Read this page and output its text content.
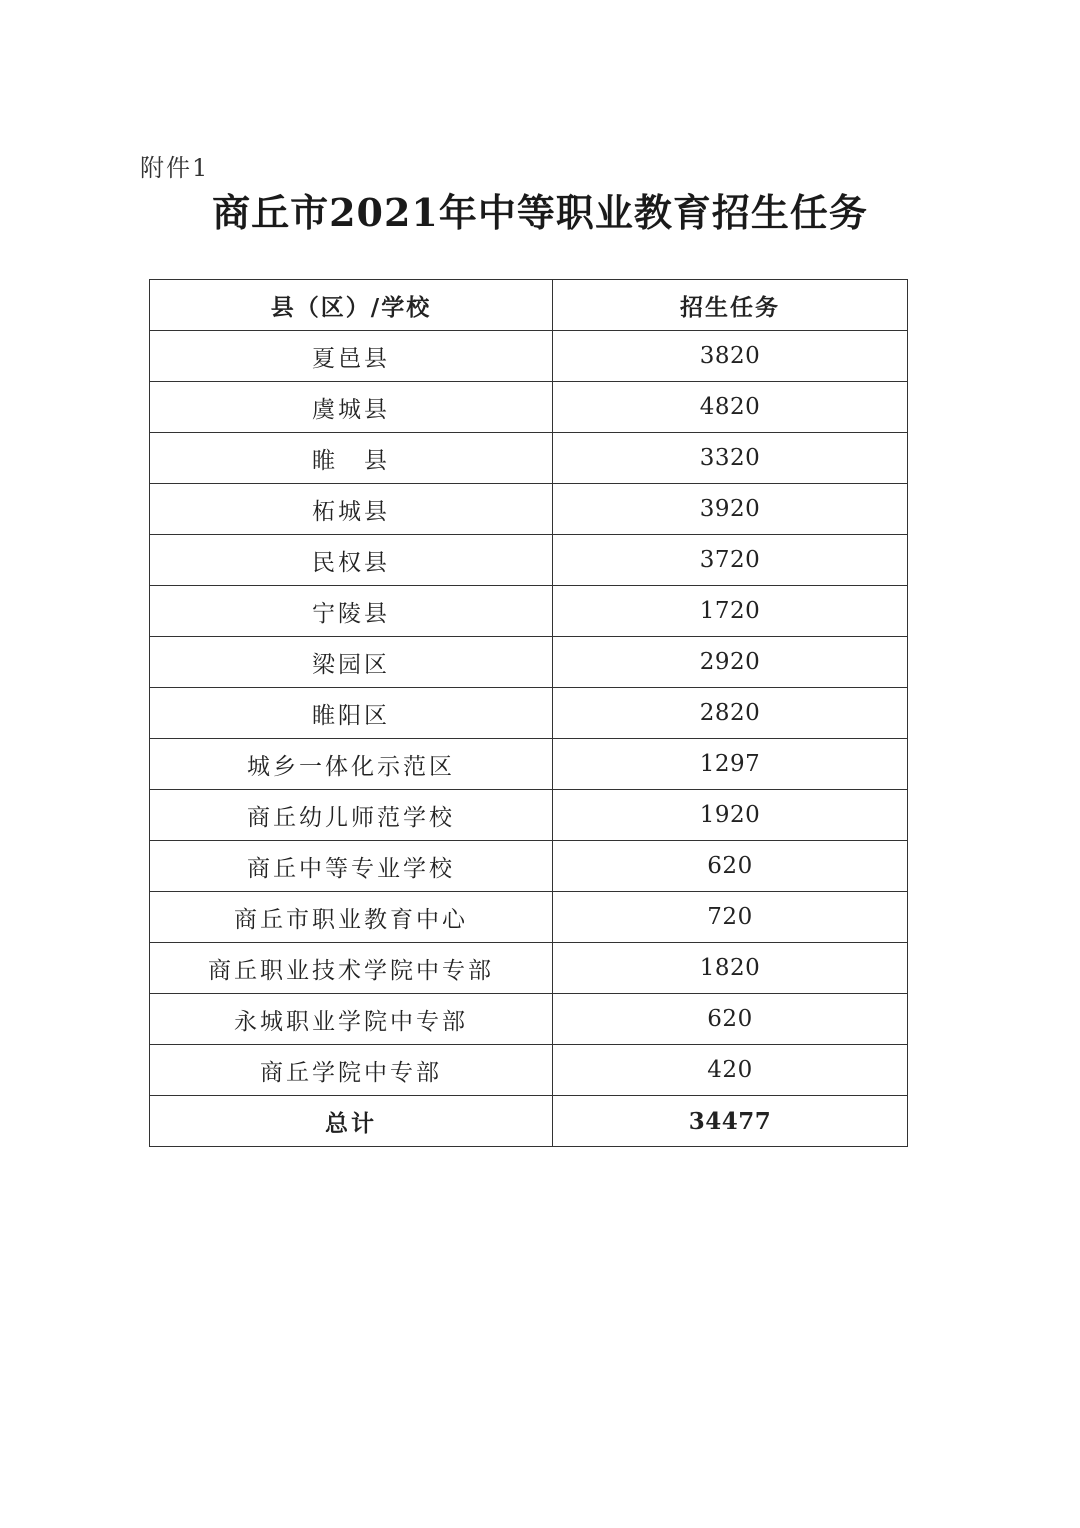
附件1
商丘市2021年中等职业教育招生任务
县（区）/学校	招生任务
夏邑县	3820
虞城县	4820
睢　县	3320
柘城县	3920
民权县	3720
宁陵县	1720
梁园区	2920
睢阳区	2820
城乡一体化示范区	1297
商丘幼儿师范学校	1920
商丘中等专业学校	620
商丘市职业教育中心	720
商丘职业技术学院中专部	1820
永城职业学院中专部	620
商丘学院中专部	420
总计	34477
